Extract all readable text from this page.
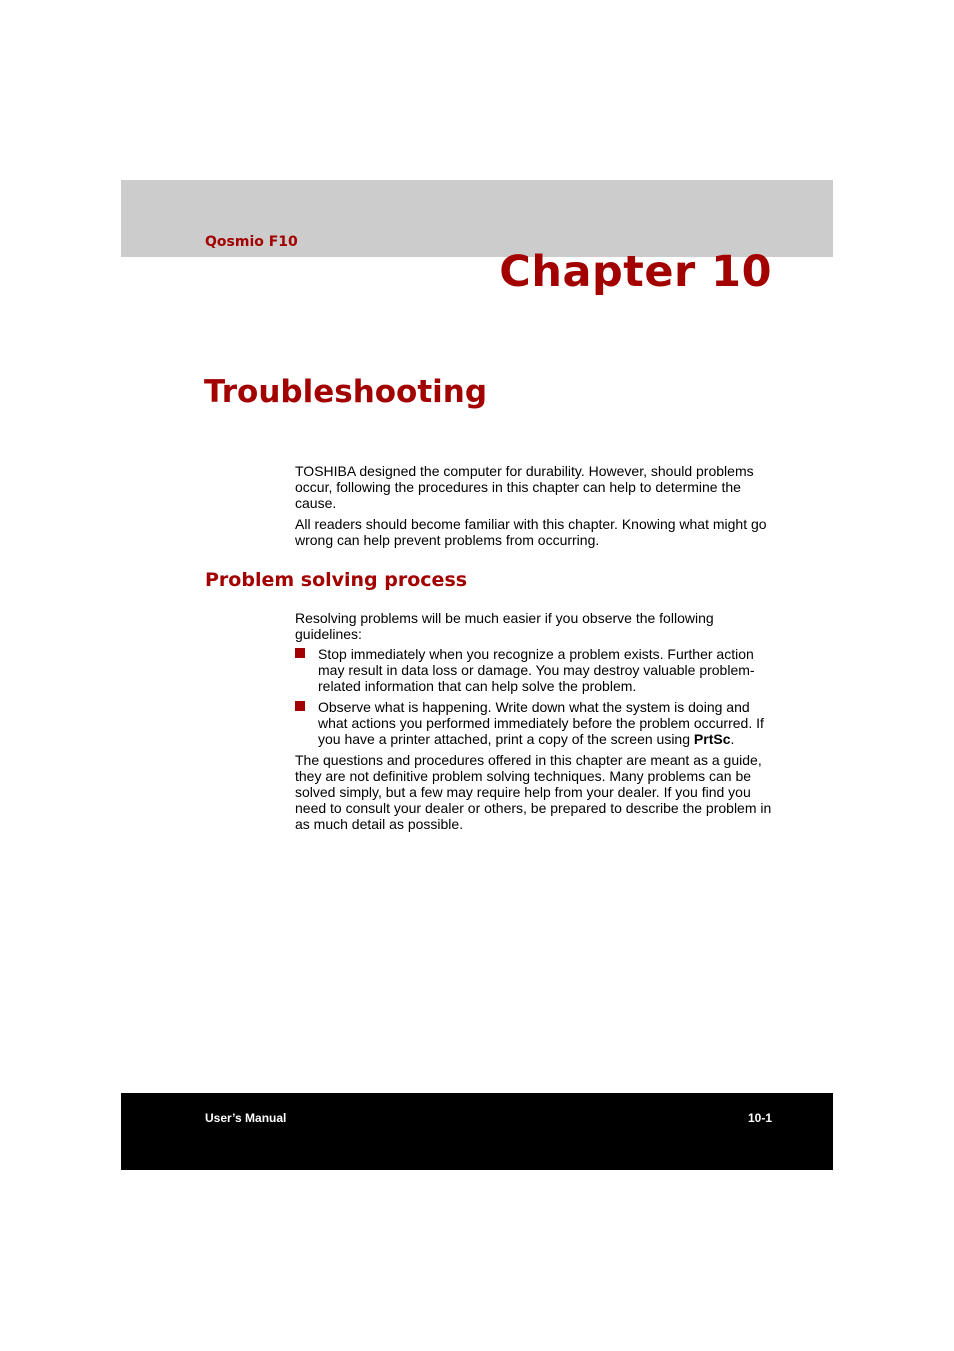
Qosmio F10
Chapter 10
Troubleshooting

TOSHIBA designed the computer for durability. However, should problems occur, following the procedures in this chapter can help to determine the cause.

All readers should become familiar with this chapter. Knowing what might go wrong can help prevent problems from occurring.

Problem solving process

Resolving problems will be much easier if you observe the following guidelines:

Stop immediately when you recognize a problem exists. Further action may result in data loss or damage. You may destroy valuable problem-related information that can help solve the problem.
Observe what is happening. Write down what the system is doing and what actions you performed immediately before the problem occurred. If you have a printer attached, print a copy of the screen using PrtSc.

The questions and procedures offered in this chapter are meant as a guide, they are not definitive problem solving techniques. Many problems can be solved simply, but a few may require help from your dealer. If you find you need to consult your dealer or others, be prepared to describe the problem in as much detail as possible.

User’s Manual	10-1
